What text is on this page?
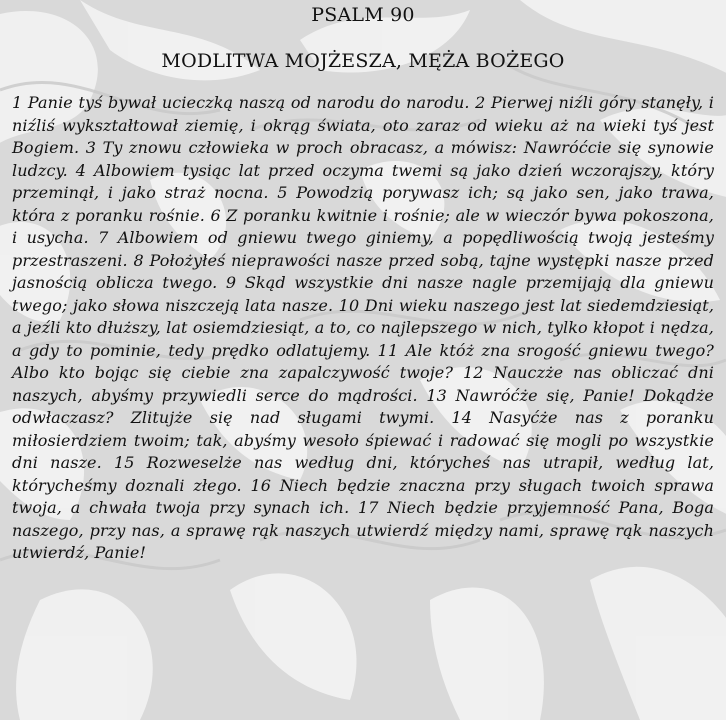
PSALM 90
MODLITWA MOJŻESZA, MĘŻA BOŻEGO
1 Panie tyś bywał ucieczką naszą od narodu do narodu. 2 Pierwej niźli góry stanęły, i niźliś wykształtował ziemię, i okrąg świata, oto zaraz od wieku aż na wieki tyś jest Bogiem. 3 Ty znowu człowieka w proch obracasz, a mówisz: Nawróćcie się synowie ludzcy. 4 Albowiem tysiąc lat przed oczyma twemi są jako dzień wczorajszy, który przeminął, i jako straż nocna. 5 Powodzią porywasz ich; są jako sen, jako trawa, która z poranku rośnie. 6 Z poranku kwitnie i rośnie; ale w wieczór bywa pokoszona, i usycha. 7 Albowiem od gniewu twego giniemy, a popędliwością twoją jesteśmy przestraszeni. 8 Położyłeś nieprawości nasze przed sobą, tajne występki nasze przed jasnością oblicza twego. 9 Skąd wszystkie dni nasze nagle przemijają dla gniewu twego; jako słowa niszczeją lata nasze. 10 Dni wieku naszego jest lat siedemdziesiąt, a jeźli kto dłuższy, lat osiemdziesiąt, a to, co najlepszego w nich, tylko kłopot i nędza, a gdy to pominie, tedy prędko odlatujemy. 11 Ale któż zna srogość gniewu twego? Albo kto bojąc się ciebie zna zapalczywość twoje? 12 Nauczże nas obliczać dni naszych, abyśmy przywiedli serce do mądrości. 13 Nawróćże się, Panie! Dokądże odwłaczasz? Zlitujże się nad sługami twymi. 14 Nasyćże nas z poranku miłosierdziem twoim; tak, abyśmy wesoło śpiewać i radować się mogli po wszystkie dni nasze. 15 Rozweselże nas według dni, którycheś nas utrapił, według lat, którycheśmy doznali złego. 16 Niech będzie znaczna przy sługach twoich sprawa twoja, a chwała twoja przy synach ich. 17 Niech będzie przyjemność Pana, Boga naszego, przy nas, a sprawę rąk naszych utwierdź między nami, sprawę rąk naszych utwierdź, Panie!
